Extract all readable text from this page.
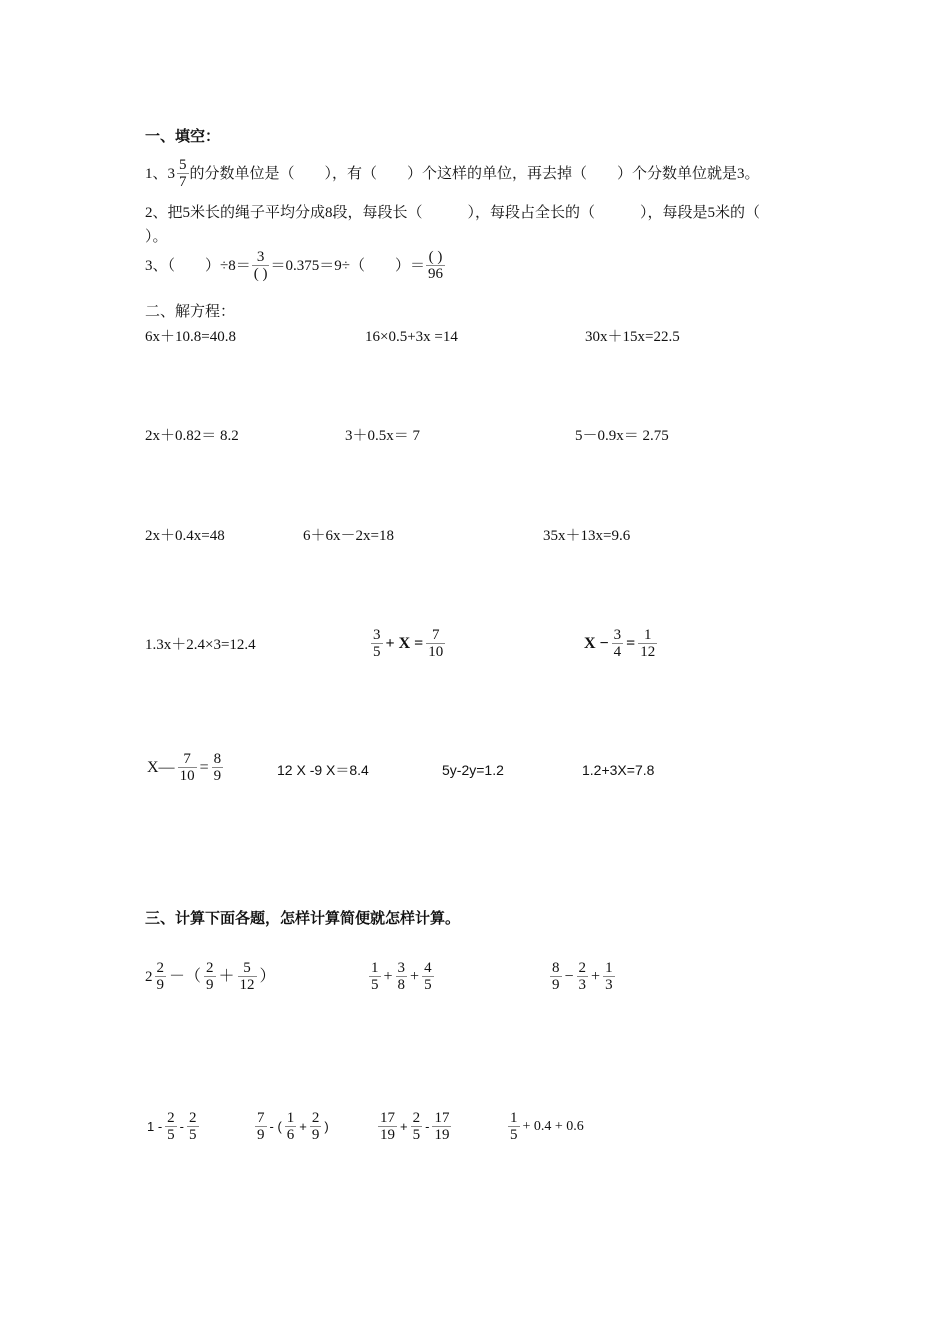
一、填空：
1、 $3 \frac{5}{7}$ 的分数单位是（　　），有（　　）个这样的单位，再去掉（　　）个分数单位就是3。
2、把5米长的绳子平均分成8段，每段长（　　　），每段占全长的（　　　），每段是5米的（
）。
3、（　　）$\div 8= \frac{3}{( )} =0.375=9\div$（　　）＝ $\frac{( )}{96}$
二、解方程：
6x＋10.8=40.8	16×0.5+3x =14	30x＋15x=22.5
2x＋0.82＝ 8.2	3＋0.5x＝ 7	5－0.9x＝ 2.75
2x＋0.4x=48	6＋6x－2x=18	35x＋13x=9.6
1.3x＋2.4×3=12.4	$\frac{3}{5} + X = \frac{7}{10}$	$X - \frac{3}{4} = \frac{1}{12}$
X— $\frac{7}{10} = \frac{8}{9}$	12 X -9 X＝8.4	5y-2y=1.2	1.2+3X=7.8
三、计算下面各题，怎样计算简便就怎样计算。
$2 \frac{2}{9}$ －（ $\frac{2}{9} + \frac{5}{12}$ ）	$\frac{1}{5} + \frac{3}{8} + \frac{4}{5}$	$\frac{8}{9} - \frac{2}{3} + \frac{1}{3}$
$1 - \frac{2}{5} - \frac{2}{5}$	$\frac{7}{9}$ - ( $\frac{1}{6} + \frac{2}{9}$ )	$\frac{17}{19} + \frac{2}{5} - \frac{17}{19}$	$\frac{1}{5} + 0.4 + 0.6$
